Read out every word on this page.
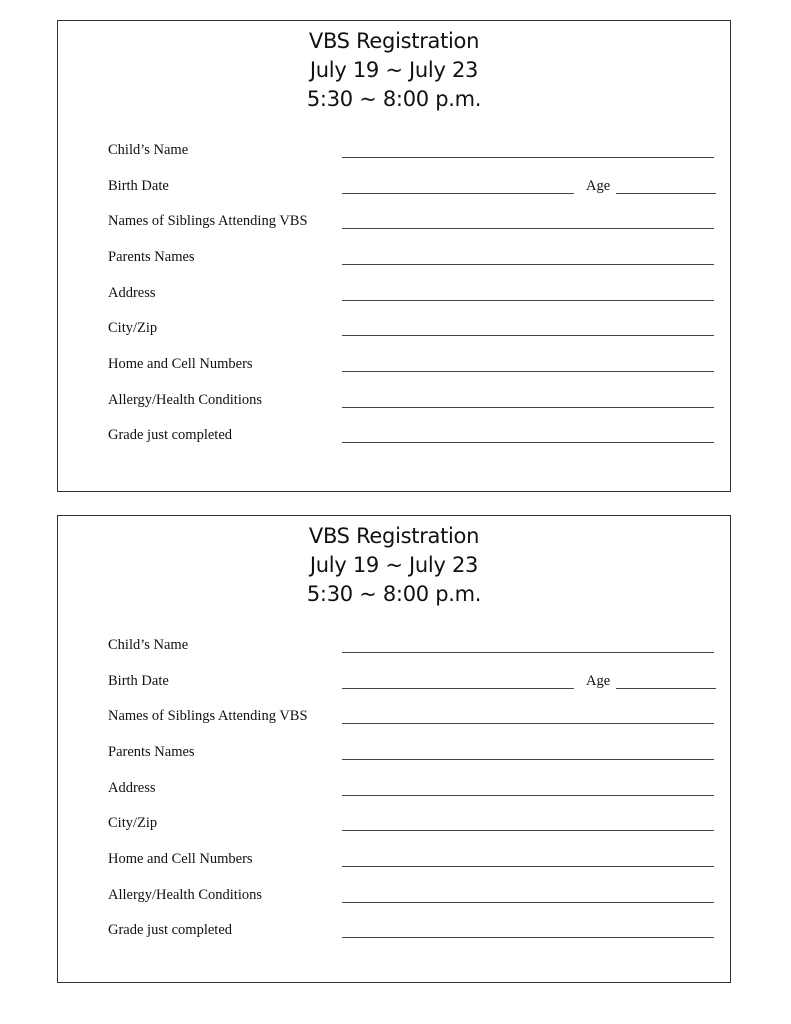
VBS Registration
July 19 ~ July 23
5:30 ~ 8:00 p.m.
Child’s Name
Birth Date	Age
Names of Siblings Attending VBS
Parents Names
Address
City/Zip
Home and Cell Numbers
Allergy/Health Conditions
Grade just completed
VBS Registration
July 19 ~ July 23
5:30 ~ 8:00 p.m.
Child’s Name
Birth Date	Age
Names of Siblings Attending VBS
Parents Names
Address
City/Zip
Home and Cell Numbers
Allergy/Health Conditions
Grade just completed
